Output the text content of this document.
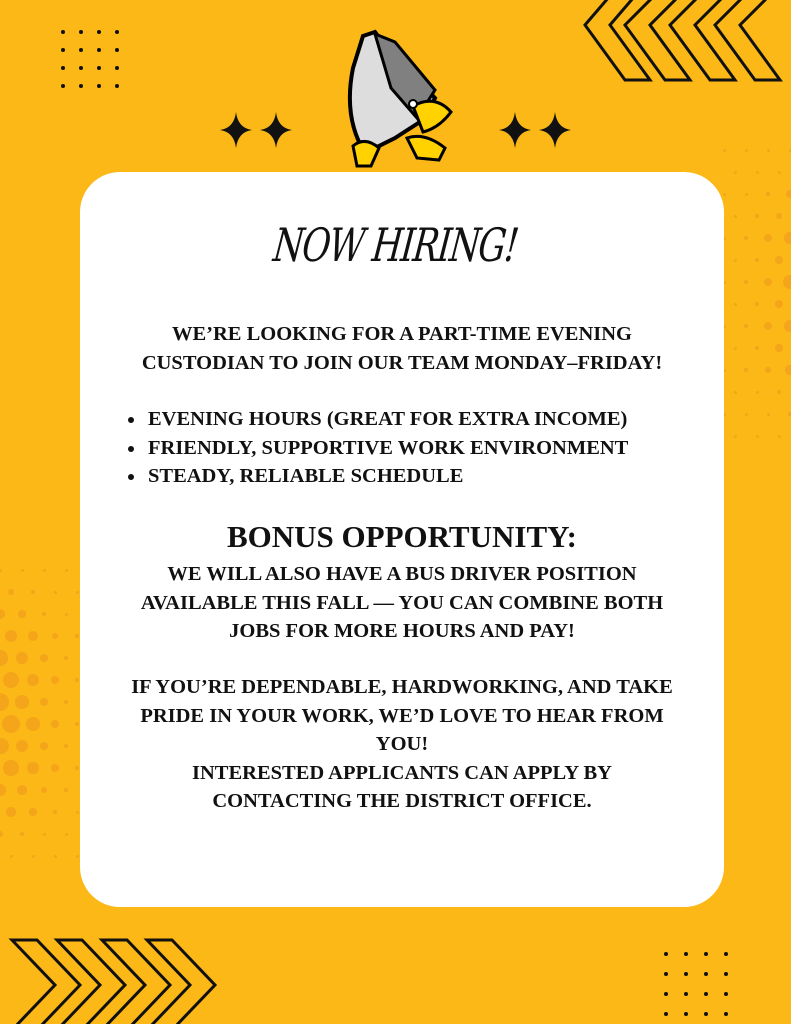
NOW HIRING!
WE’RE LOOKING FOR A PART-TIME EVENING
CUSTODIAN TO JOIN OUR TEAM MONDAY–FRIDAY!
• EVENING HOURS (GREAT FOR EXTRA INCOME)
• FRIENDLY, SUPPORTIVE WORK ENVIRONMENT
• STEADY, RELIABLE SCHEDULE
BONUS OPPORTUNITY:
WE WILL ALSO HAVE A BUS DRIVER POSITION
AVAILABLE THIS FALL — YOU CAN COMBINE BOTH
JOBS FOR MORE HOURS AND PAY!
IF YOU’RE DEPENDABLE, HARDWORKING, AND TAKE
PRIDE IN YOUR WORK, WE’D LOVE TO HEAR FROM
YOU!
INTERESTED APPLICANTS CAN APPLY BY
CONTACTING THE DISTRICT OFFICE.
